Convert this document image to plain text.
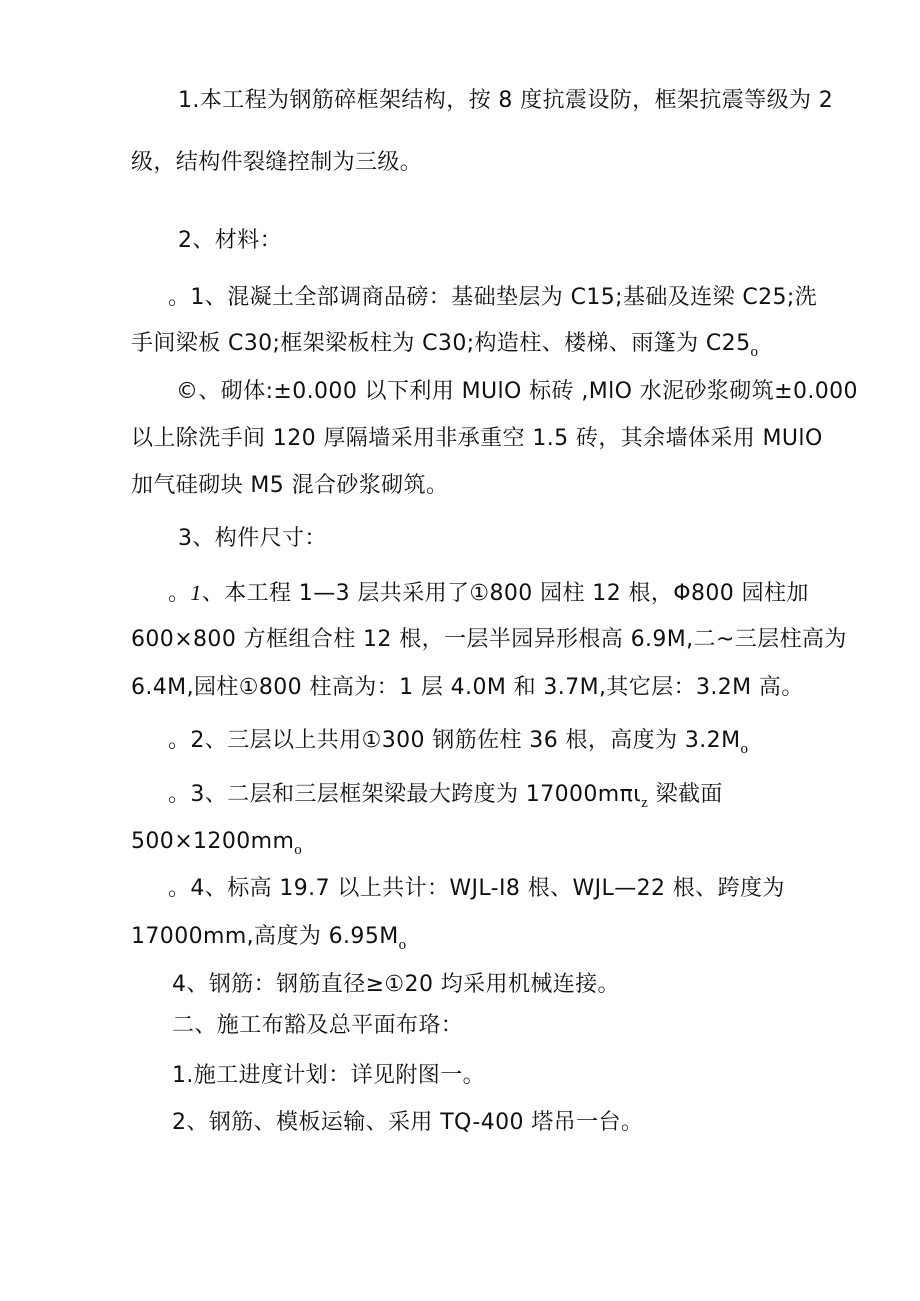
1.本工程为钢筋碎框架结构，按 8 度抗震设防，框架抗震等级为 2
级，结构件裂缝控制为三级。
2、材料：
。1、混凝土全部调商品磅：基础垫层为 C15;基础及连梁 C25;洗
手间梁板 C30;框架梁板柱为 C30;构造柱、楼梯、雨篷为 $C25_o$
©、砌体:±0.000 以下利用 MUlO 标砖 ,MlO 水泥砂浆砌筑±0.000
以上除洗手间 120 厚隔墙采用非承重空 1.5 砖，其余墙体采用 MUlO
加气硅砌块 M5 混合砂浆砌筑。
3、构件尺寸：
。1、本工程 1—3 层共采用了①800 园柱 12 根，Φ800 园柱加
600×800 方框组合柱 12 根，一层半园异形根高 6.9M,二~三层柱高为
6.4M,园柱①800 柱高为：1 层 4.0M 和 3.7M,其它层：3.2M 高。
。2、三层以上共用①300 钢筋佐柱 36 根，高度为 $3.2M_o$
。3、二层和三层框架梁最大跨度为 17000mπι$_z$ 梁截面
$500\times 1200mm_o$
。4、标高 19.7 以上共计：WJL-I8 根、WJL—22 根、跨度为
17000mm,高度为 $6.95M_o$
4、钢筋：钢筋直径≥①20 均采用机械连接。
二、施工布豁及总平面布珞：
1.施工进度计划：详见附图一。
2、钢筋、模板运输、采用 TQ-400 塔吊一台。
